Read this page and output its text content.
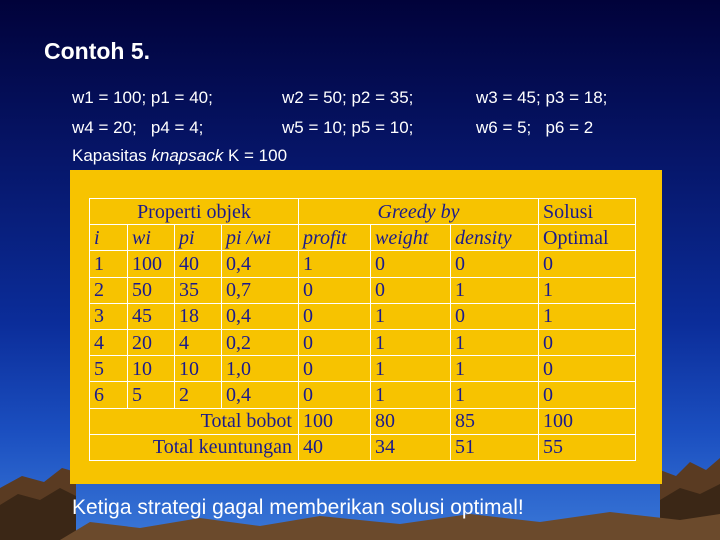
Contoh 5.
w1 = 100; p1 = 40;	w2 = 50; p2 = 35;	w3 = 45; p3 = 18;
w4 = 20;   p4 = 4;	w5 = 10; p5 = 10;	w6 = 5;   p6 = 2
Kapasitas knapsack K = 100
Properti objek				Greedy by			Solusi
i	wi	pi	pi /wi	profit	weight	density	Optimal
1	100	40	0,4	1	0	0	0
2	50	35	0,7	0	0	1	1
3	45	18	0,4	0	1	0	1
4	20	4	0,2	0	1	1	0
5	10	10	1,0	0	1	1	0
6	5	2	0,4	0	1	1	0
Total bobot				100	80	85	100
Total keuntungan				40	34	51	55
Ketiga strategi gagal memberikan solusi optimal!
